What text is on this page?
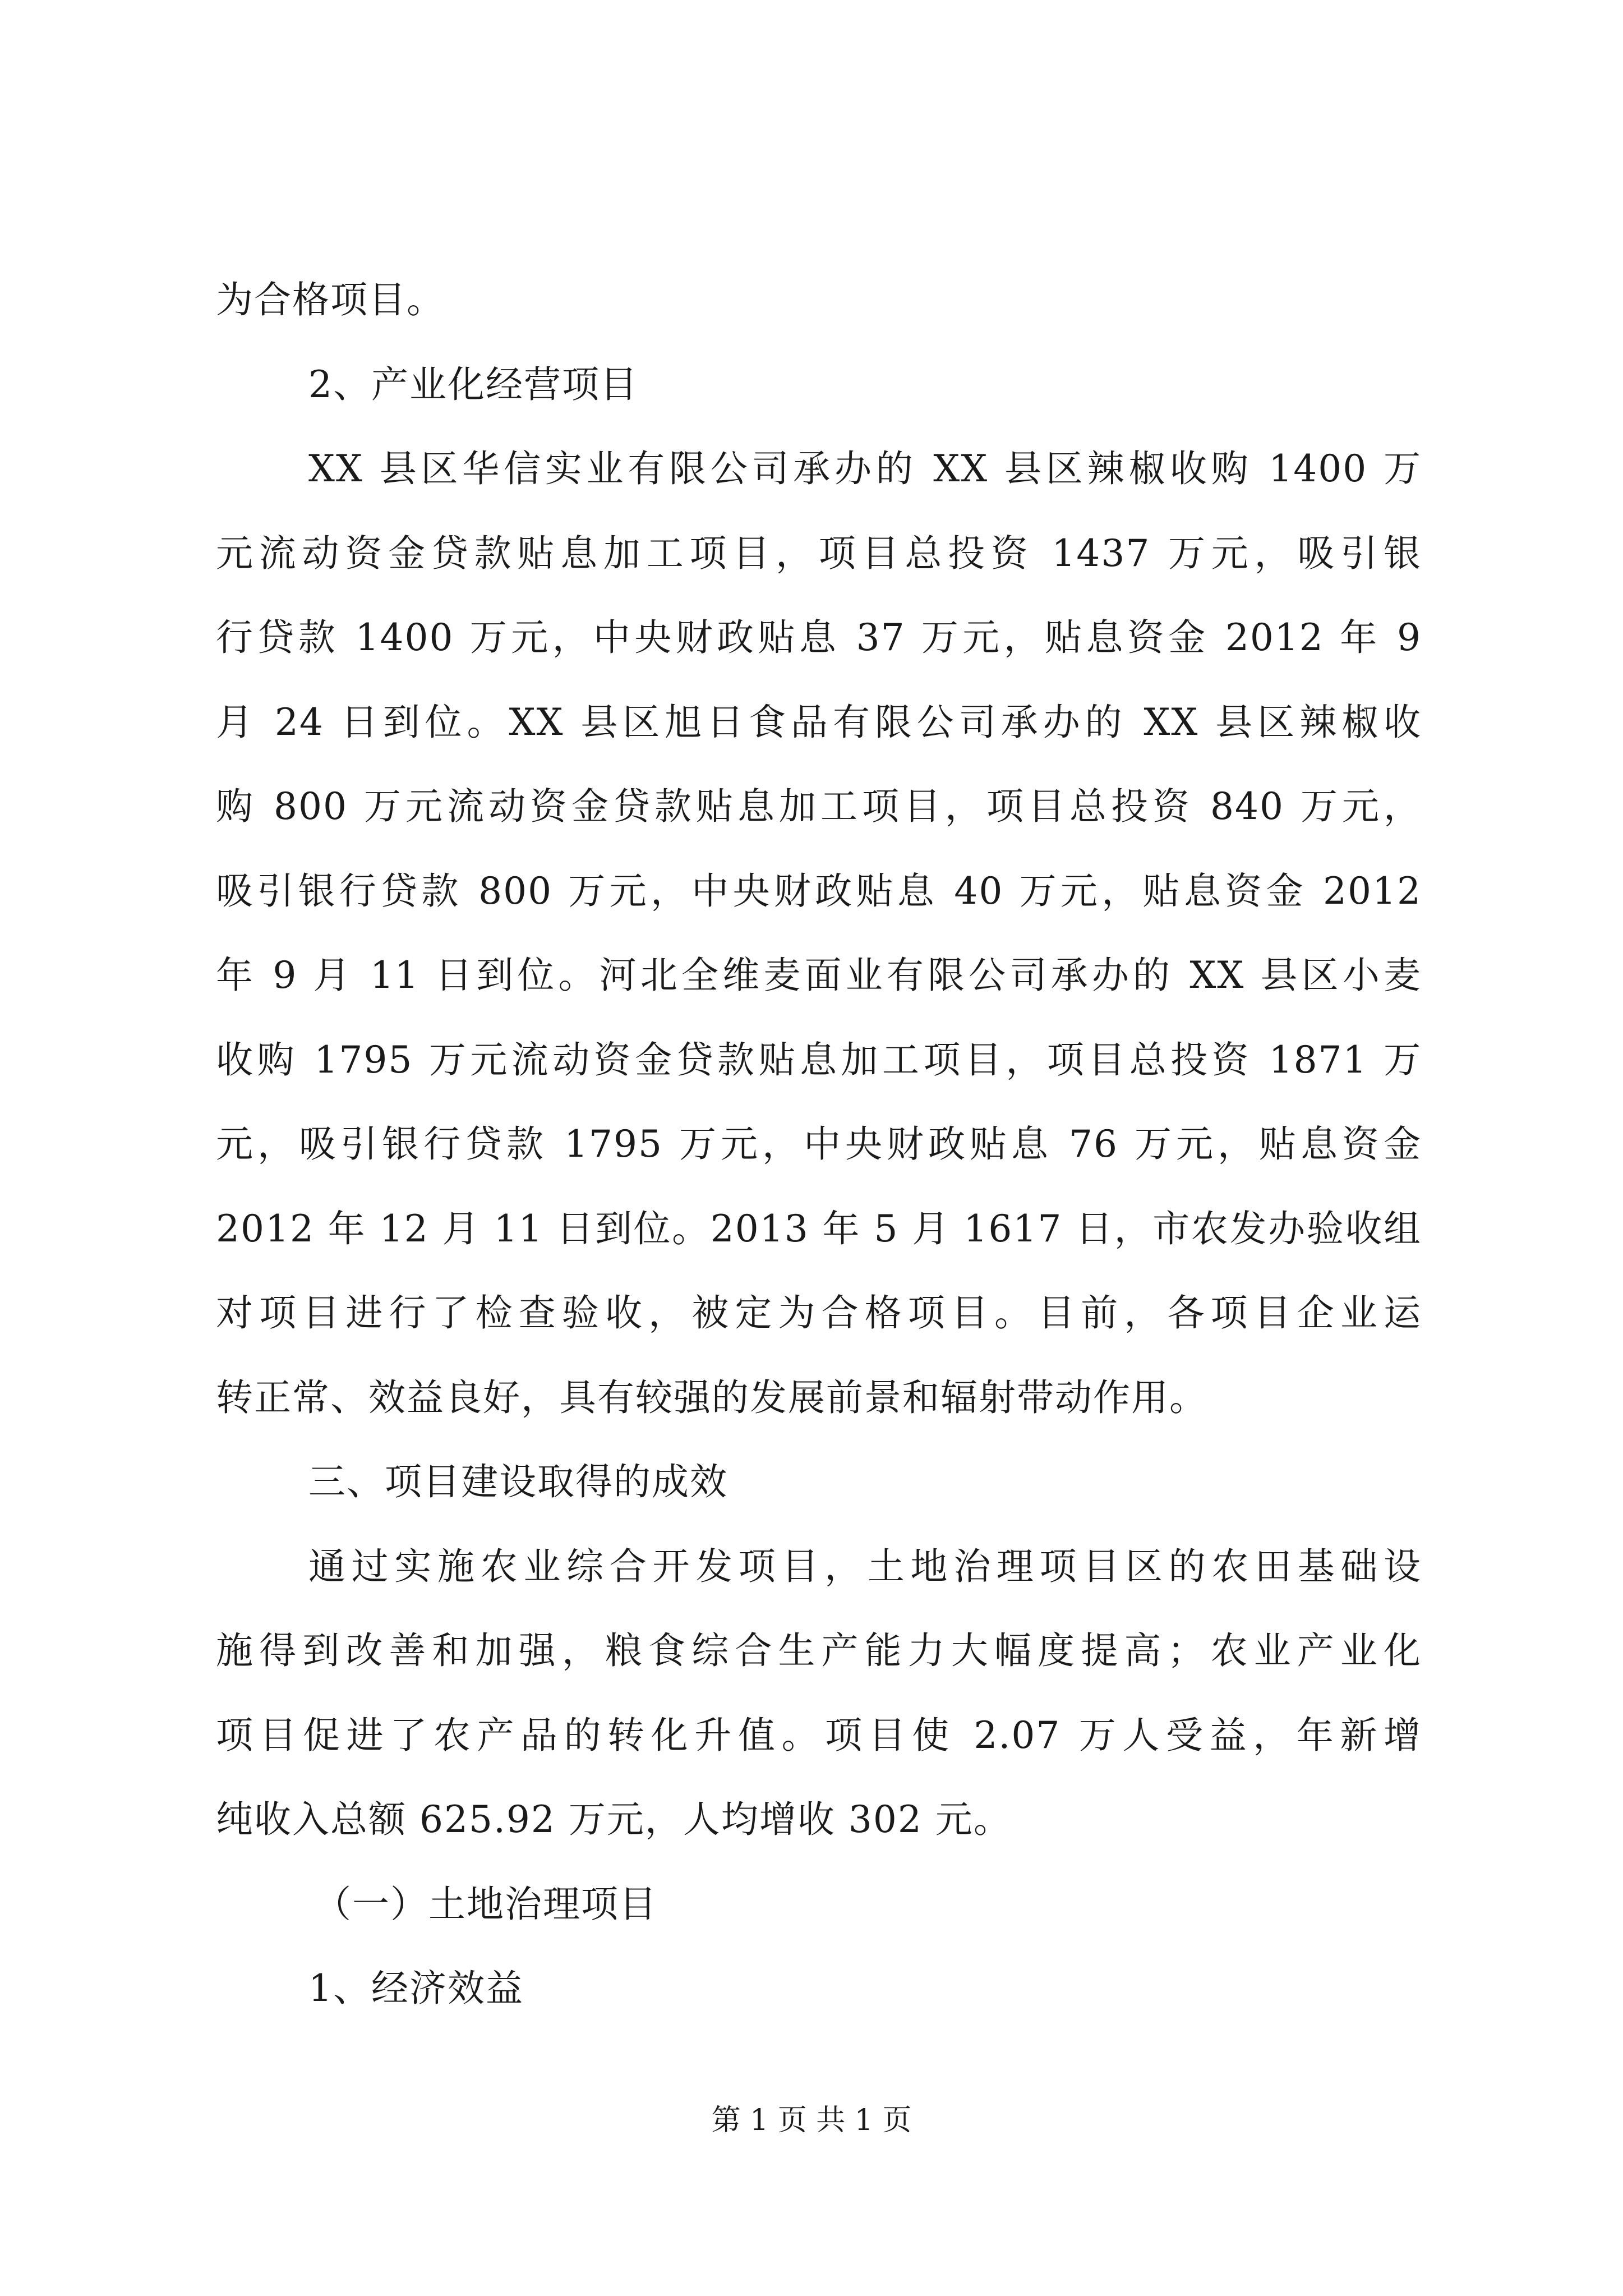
为合格项目。
2、产业化经营项目
XX 县区华信实业有限公司承办的 XX 县区辣椒收购 1400 万
元流动资金贷款贴息加工项目，项目总投资 1437 万元，吸引银
行贷款 1400 万元，中央财政贴息 37 万元，贴息资金 2012 年 9
月 24 日到位。XX 县区旭日食品有限公司承办的 XX 县区辣椒收
购 800 万元流动资金贷款贴息加工项目，项目总投资 840 万元，
吸引银行贷款 800 万元，中央财政贴息 40 万元，贴息资金 2012
年 9 月 11 日到位。河北全维麦面业有限公司承办的 XX 县区小麦
收购 1795 万元流动资金贷款贴息加工项目，项目总投资 1871 万
元，吸引银行贷款 1795 万元，中央财政贴息 76 万元，贴息资金
2012 年 12 月 11 日到位。2013 年 5 月 1617 日，市农发办验收组
对项目进行了检查验收，被定为合格项目。目前，各项目企业运
转正常、效益良好，具有较强的发展前景和辐射带动作用。
三、项目建设取得的成效
通过实施农业综合开发项目，土地治理项目区的农田基础设
施得到改善和加强，粮食综合生产能力大幅度提高；农业产业化
项目促进了农产品的转化升值。项目使 2.07 万人受益，年新增
纯收入总额 625.92 万元，人均增收 302 元。
（一）土地治理项目
1、经济效益
第 1 页 共 1 页
